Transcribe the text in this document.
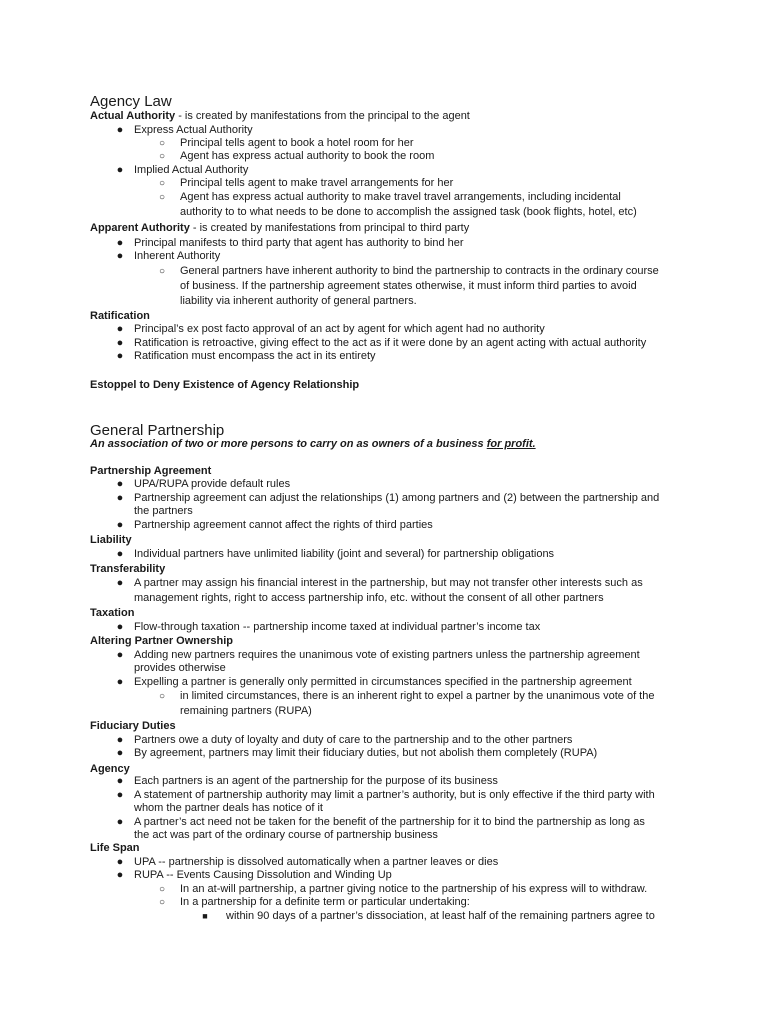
Agency Law
Actual Authority - is created by manifestations from the principal to the agent
● Express Actual Authority
○ Principal tells agent to book a hotel room for her
○ Agent has express actual authority to book the room
● Implied Actual Authority
○ Principal tells agent to make travel arrangements for her
○ Agent has express actual authority to make travel travel arrangements, including incidental
authority to to what needs to be done to accomplish the assigned task (book flights, hotel, etc)
Apparent Authority - is created by manifestations from principal to third party
● Principal manifests to third party that agent has authority to bind her
● Inherent Authority
○ General partners have inherent authority to bind the partnership to contracts in the ordinary course
of business. If the partnership agreement states otherwise, it must inform third parties to avoid
liability via inherent authority of general partners.
Ratification
● Principal’s ex post facto approval of an act by agent for which agent had no authority
● Ratification is retroactive, giving effect to the act as if it were done by an agent acting with actual authority
● Ratification must encompass the act in its entirety
Estoppel to Deny Existence of Agency Relationship
General Partnership
An association of two or more persons to carry on as owners of a business for profit.
Partnership Agreement
● UPA/RUPA provide default rules
● Partnership agreement can adjust the relationships (1) among partners and (2) between the partnership and
the partners
● Partnership agreement cannot affect the rights of third parties
Liability
● Individual partners have unlimited liability (joint and several) for partnership obligations
Transferability
● A partner may assign his financial interest in the partnership, but may not transfer other interests such as
management rights, right to access partnership info, etc. without the consent of all other partners
Taxation
● Flow-through taxation -- partnership income taxed at individual partner’s income tax
Altering Partner Ownership
● Adding new partners requires the unanimous vote of existing partners unless the partnership agreement
provides otherwise
● Expelling a partner is generally only permitted in circumstances specified in the partnership agreement
○ in limited circumstances, there is an inherent right to expel a partner by the unanimous vote of the
remaining partners (RUPA)
Fiduciary Duties
● Partners owe a duty of loyalty and duty of care to the partnership and to the other partners
● By agreement, partners may limit their fiduciary duties, but not abolish them completely (RUPA)
Agency
● Each partners is an agent of the partnership for the purpose of its business
● A statement of partnership authority may limit a partner’s authority, but is only effective if the third party with
whom the partner deals has notice of it
● A partner’s act need not be taken for the benefit of the partnership for it to bind the partnership as long as
the act was part of the ordinary course of partnership business
Life Span
● UPA -- partnership is dissolved automatically when a partner leaves or dies
● RUPA -- Events Causing Dissolution and Winding Up
○ In an at-will partnership, a partner giving notice to the partnership of his express will to withdraw.
○ In a partnership for a definite term or particular undertaking:
■ within 90 days of a partner’s dissociation, at least half of the remaining partners agree to
